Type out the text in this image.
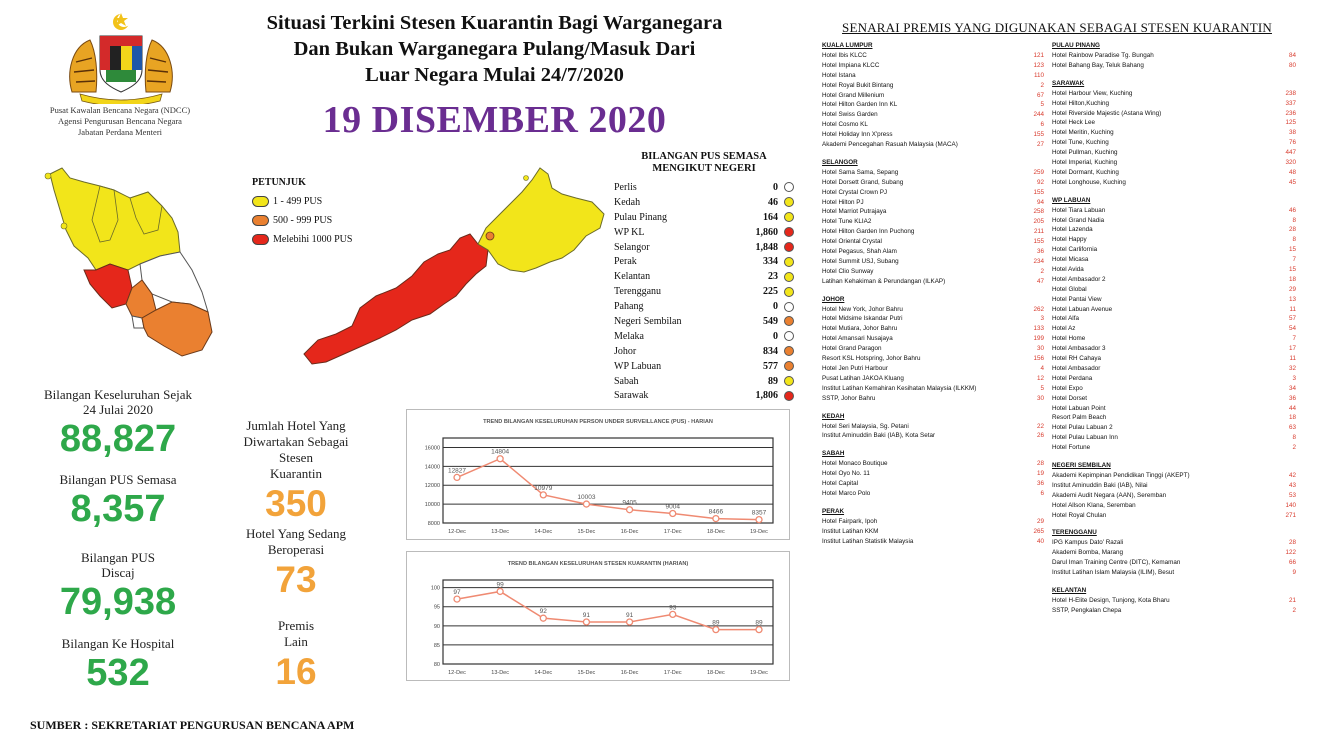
Pusat Kawalan Bencana Negara (NDCC)
Agensi Pengurusan Bencana Negara
Jabatan Perdana Menteri
Situasi Terkini Stesen Kuarantin Bagi Warganegara
Dan Bukan Warganegara Pulang/Masuk Dari
Luar Negara Mulai 24/7/2020
19 DISEMBER 2020
PETUNJUK
1 - 499 PUS
500 - 999 PUS
Melebihi 1000 PUS
BILANGAN PUS SEMASA
MENGIKUT NEGERI
Perlis	0
Kedah	46
Pulau Pinang	164
WP KL	1,860
Selangor	1,848
Perak	334
Kelantan	23
Terengganu	225
Pahang	0
Negeri Sembilan	549
Melaka	0
Johor	834
WP Labuan	577
Sabah	89
Sarawak	1,806
Bilangan Keseluruhan Sejak
24 Julai 2020
88,827
Bilangan PUS Semasa
8,357
Bilangan PUS
Discaj
79,938
Bilangan Ke Hospital
532
Jumlah Hotel Yang
Diwartakan Sebagai Stesen
Kuarantin
350
Hotel Yang Sedang
Beroperasi
73
Premis
Lain
16
TREND BILANGAN KESELURUHAN PERSON UNDER SURVEILLANCE (PUS) - HARIAN
8000
10000
12000
14000
16000
12-Dec	13-Dec	14-Dec	15-Dec	16-Dec	17-Dec	18-Dec	19-Dec
12827
14804
10979
10003
9405
9004
8466	8357
TREND BILANGAN KESELURUHAN STESEN KUARANTIN (HARIAN)
80
85
90
95
100
12-Dec	13-Dec	14-Dec	15-Dec	16-Dec	17-Dec	18-Dec	19-Dec
97
99
92
91	91
93
89	89
SUMBER : SEKRETARIAT PENGURUSAN BENCANA APM
SENARAI PREMIS YANG DIGUNAKAN SEBAGAI STESEN KUARANTIN
KUALA LUMPUR
Hotel Ibis KLCC	121
Hotel Impiana KLCC	123
Hotel Istana	110
Hotel Royal Bukit Bintang	2
Hotel Grand Millenium	67
Hotel Hilton Garden Inn KL	5
Hotel Swiss Garden	244
Hotel Cosmo KL	6
Hotel Holiday Inn X'press	155
Akademi Pencegahan Rasuah Malaysia (MACA)	27
SELANGOR
Hotel Sama Sama, Sepang	259
Hotel Dorsett Grand, Subang	92
Hotel Crystal Crown PJ	155
Hotel Hilton PJ	94
Hotel Marriot Putrajaya	258
Hotel Tune KLIA2	205
Hotel Hilton Garden Inn Puchong	211
Hotel Oriental Crystal	155
Hotel Pegasus, Shah Alam	36
Hotel Summit USJ, Subang	234
Hotel Clio Sunway	2
Latihan Kehakiman & Perundangan (ILKAP)	47
JOHOR
Hotel New York, Johor Bahru	262
Hotel Midsime Iskandar Putri	3
Hotel Mutiara, Johor Bahru	133
Hotel Amansari Nusajaya	199
Hotel Grand Paragon	30
Resort KSL Hotspring, Johor Bahru	156
Hotel Jen Putri Harbour	4
Pusat Latihan JAKOA Kluang	12
Institut Latihan Kemahiran Kesihatan Malaysia (ILKKM)	5
SSTP, Johor Bahru	30
KEDAH
Hotel Seri Malaysia, Sg. Petani	22
Institut Aminuddin Baki (IAB), Kota Setar	26
SABAH
Hotel Monaco Boutique	28
Hotel Oyo No. 11	19
Hotel Capital	36
Hotel Marco Polo	6
PERAK
Hotel Fairpark, Ipoh	29
Institut Latihan KKM	265
Institut Latihan Statistik Malaysia	40
PULAU PINANG
Hotel Rainbow Paradise Tg. Bungah	84
Hotel Bahang Bay, Teluk Bahang	80
SARAWAK
Hotel Harbour View, Kuching	238
Hotel Hilton,Kuching	337
Hotel Riverside Majestic (Astana Wing)	236
Hotel Heck Lee	125
Hotel Meritin, Kuching	38
Hotel Tune, Kuching	76
Hotel Pullman, Kuching	447
Hotel Imperial, Kuching	320
Hotel Dormant, Kuching	48
Hotel Longhouse, Kuching	45
WP LABUAN
Hotel Tiara Labuan	46
Hotel Grand Nadia	8
Hotel Lazenda	28
Hotel Happy	8
Hotel Carlifornia	15
Hotel Micasa	7
Hotel Avida	15
Hotel Ambasador 2	18
Hotel Global	29
Hotel Pantai View	13
Hotel Labuan Avenue	11
Hotel Alfa	57
Hotel Az	54
Hotel Home	7
Hotel Ambasador 3	17
Hotel RH Cahaya	11
Hotel Ambasador	32
Hotel Perdana	3
Hotel Expo	34
Hotel Dorset	36
Hotel Labuan Point	44
Resort Palm Beach	18
Hotel Pulau Labuan 2	63
Hotel Pulau Labuan Inn	8
Hotel Fortune	2
NEGERI SEMBILAN
Akademi Kepimpinan Pendidikan Tinggi (AKEPT)	42
Institut Aminuddin Baki (IAB), Nilai	43
Akademi Audit Negara (AAN), Seremban	53
Hotel Allson Klana, Seremban	140
Hotel Royal Chulan	271
TERENGGANU
IPG Kampus Dato' Razali	28
Akademi Bomba, Marang	122
Darul Iman Training Centre (DITC), Kemaman	66
Institut Latihan Islam Malaysia (ILIM), Besut	9
KELANTAN
Hotel H-Elite Design, Tunjong, Kota Bharu	21
SSTP, Pengkalan Chepa	2
